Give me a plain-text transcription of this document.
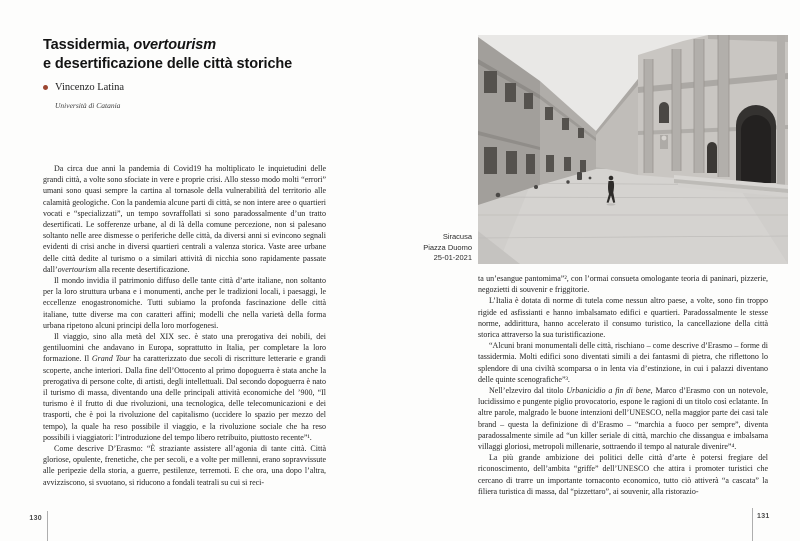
Tassidermia, overtourism
e desertificazione delle città storiche
Vincenzo Latina
Università di Catania

Da circa due anni la pandemia di Covid19 ha moltiplicato le inquietudini delle grandi città, a volte sono sfociate in vere e proprie crisi. Allo stesso modo molti “errori” umani sono quasi sempre la cartina al tornasole della vulnerabilità del territorio alle calamità geologiche. Con la pandemia alcune parti di città, se non intere aree o quartieri vocati e “specializzati”, un tempo sovraffollati si sono paradossalmente d’un tratto desertificati. Le sofferenze urbane, al di là della comune percezione, non si palesano soltanto nelle aree dismesse o periferiche delle città, da diversi anni si evincono segnali evidenti di crisi anche in diversi quartieri centrali a valenza storica. Vaste aree urbane delle città dedite al turismo o a similari attività di nicchia sono rapidamente passate dall’overtourism alla recente desertificazione.

Il mondo invidia il patrimonio diffuso delle tante città d’arte italiane, non soltanto per la loro struttura urbana e i monumenti, anche per le tradizioni locali, i paesaggi, le eccellenze enogastronomiche. Tutti subiamo la profonda fascinazione delle città italiane, tutte diverse ma con caratteri affini; modelli che nella varietà della forma urbana ripetono alcuni principi della loro morfogenesi.

Il viaggio, sino alla metà del XIX sec. è stato una prerogativa dei nobili, dei gentiluomini che andavano in Europa, soprattutto in Italia, per completare la loro formazione. Il Grand Tour ha caratterizzato due secoli di riscritture letterarie e grandi scoperte, anche interiori. Dalla fine dell’Ottocento al primo dopoguerra è stata anche la prerogativa di persone colte, di artisti, degli intellettuali. Dal secondo dopoguerra è nato il turismo di massa, diventando una delle principali attività economiche del ’900, “Il turismo è il frutto di due rivoluzioni, una tecnologica, delle telecomunicazioni e dei trasporti, che è poi la rivoluzione del capitalismo (uccidere lo spazio per mezzo del tempo), la quale ha reso possibile il viaggio, e la rivoluzione sociale che ha reso possibili i viaggiatori: l’introduzione del tempo libero retribuito, piuttosto recente”¹.

Come descrive D’Erasmo: “È straziante assistere all’agonia di tante città. Città gloriose, opulente, frenetiche, che per secoli, e a volte per millenni, erano sopravvissute alle peripezie della storia, a guerre, pestilenze, terremoti. E che ora, una dopo l’altra, avvizziscono, si svuotano, si riducono a fondali teatrali su cui si reci-

130
Siracusa
Piazza Duomo
25-01-2021

ta un’esangue pantomima”², con l’ormai consueta omologante teoria di paninari, pizzerie, negozietti di souvenir e friggitorie.

L’Italia è dotata di norme di tutela come nessun altro paese, a volte, sono fin troppo rigide ed asfissianti e hanno imbalsamato edifici e quartieri. Paradossalmente le stesse norme, addirittura, hanno accelerato il consumo turistico, la cancellazione della città storica attraverso la sua turistificazione.

“Alcuni brani monumentali delle città, rischiano – come descrive d’Erasmo – forme di tassidermia. Molti edifici sono diventati simili a dei fantasmi di pietra, che riflettono lo splendore di una civiltà scomparsa o in lenta via d’estinzione, in cui i palazzi diventano delle quinte scenografiche”³.

Nell’elzeviro dal titolo Urbanicidio a fin di bene, Marco d’Erasmo con un notevole, lucidissimo e pungente piglio provocatorio, espone le ragioni di un titolo così eclatante. In altre parole, malgrado le buone intenzioni dell’UNESCO, nella maggior parte dei casi tale brand – questa la definizione di d’Erasmo – “marchia a fuoco per sempre”, diventa paradossalmente simile ad “un killer seriale di città, marchio che dissangua e imbalsama villaggi gloriosi, metropoli millenarie, sottraendo il tempo al naturale divenire”⁴.

La più grande ambizione dei politici delle città d’arte è potersi fregiare del riconoscimento, dell’ambita “griffe” dell’UNESCO che attira i promoter turistici che cercano di trarre un importante tornaconto economico, tutto ciò attiverà “a cascata” la filiera turistica di massa, dal “pizzettaro”, ai souvenir, alla ristorazio-

131
